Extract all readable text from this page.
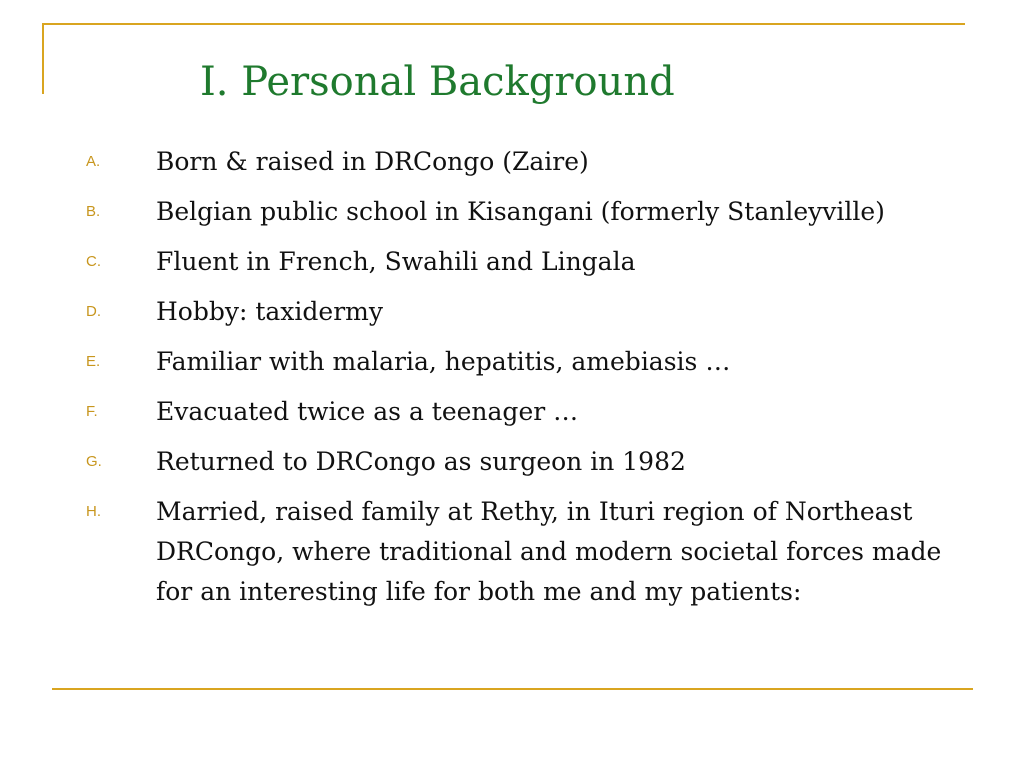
I. Personal Background
A.	Born & raised in DRCongo (Zaire)
B.	Belgian public school in Kisangani (formerly Stanleyville)
C.	Fluent in French, Swahili and Lingala
D.	Hobby: taxidermy
E.	Familiar with malaria, hepatitis, amebiasis …
F.	Evacuated twice as a teenager …
G.	Returned to DRCongo as surgeon in 1982
H.	Married, raised family at Rethy, in Ituri region of Northeast DRCongo, where traditional and modern societal forces made for an interesting life for both me and my patients:
